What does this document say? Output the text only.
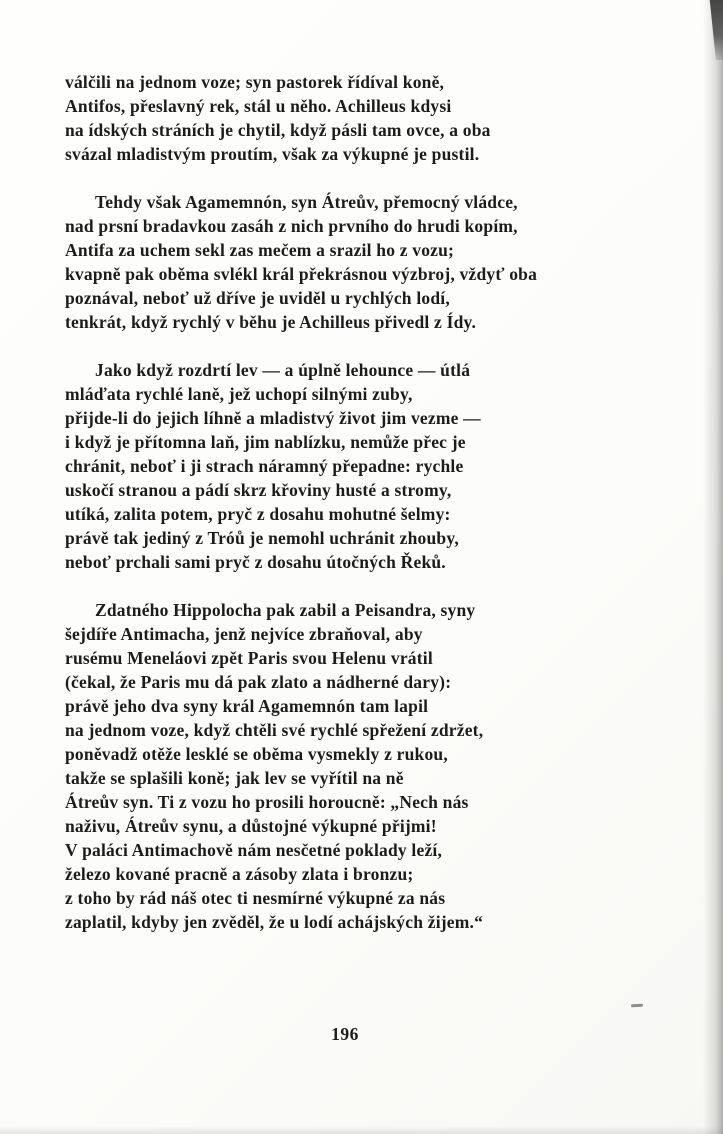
válčili na jednom voze; syn pastorek řídíval koně,
Antifos, přeslavný rek, stál u něho. Achilleus kdysi
na ídských stráních je chytil, když pásli tam ovce, a oba
svázal mladistvým proutím, však za výkupné je pustil.
Tehdy však Agamemnón, syn Átreův, přemocný vládce,
nad prsní bradavkou zasáh z nich prvního do hrudi kopím,
Antifa za uchem sekl zas mečem a srazil ho z vozu;
kvapně pak oběma svlékl král překrásnou výzbroj, vždyť oba
poznával, neboť už dříve je uviděl u rychlých lodí,
tenkrát, když rychlý v běhu je Achilleus přivedl z Ídy.
Jako když rozdrtí lev — a úplně lehounce — útlá
mláďata rychlé laně, jež uchopí silnými zuby,
přijde-li do jejich líhně a mladistvý život jim vezme —
i když je přítomna laň, jim nablízku, nemůže přec je
chránit, neboť i ji strach náramný přepadne: rychle
uskočí stranou a pádí skrz křoviny husté a stromy,
utíká, zalita potem, pryč z dosahu mohutné šelmy:
právě tak jediný z Tróů je nemohl uchránit zhouby,
neboť prchali sami pryč z dosahu útočných Řeků.
Zdatného Hippolocha pak zabil a Peisandra, syny
šejdíře Antimacha, jenž nejvíce zbraňoval, aby
rusému Meneláovi zpět Paris svou Helenu vrátil
(čekal, že Paris mu dá pak zlato a nádherné dary):
právě jeho dva syny král Agamemnón tam lapil
na jednom voze, když chtěli své rychlé spřežení zdržet,
poněvadž otěže lesklé se oběma vysmekly z rukou,
takže se splašili koně; jak lev se vyřítil na ně
Átreův syn. Ti z vozu ho prosili horoucně: „Nech nás
naživu, Átreův synu, a důstojné výkupné přijmi!
V paláci Antimachově nám nesčetné poklady leží,
železo kované pracně a zásoby zlata i bronzu;
z toho by rád náš otec ti nesmírné výkupné za nás
zaplatil, kdyby jen zvěděl, že u lodí achájských žijem.“
196
